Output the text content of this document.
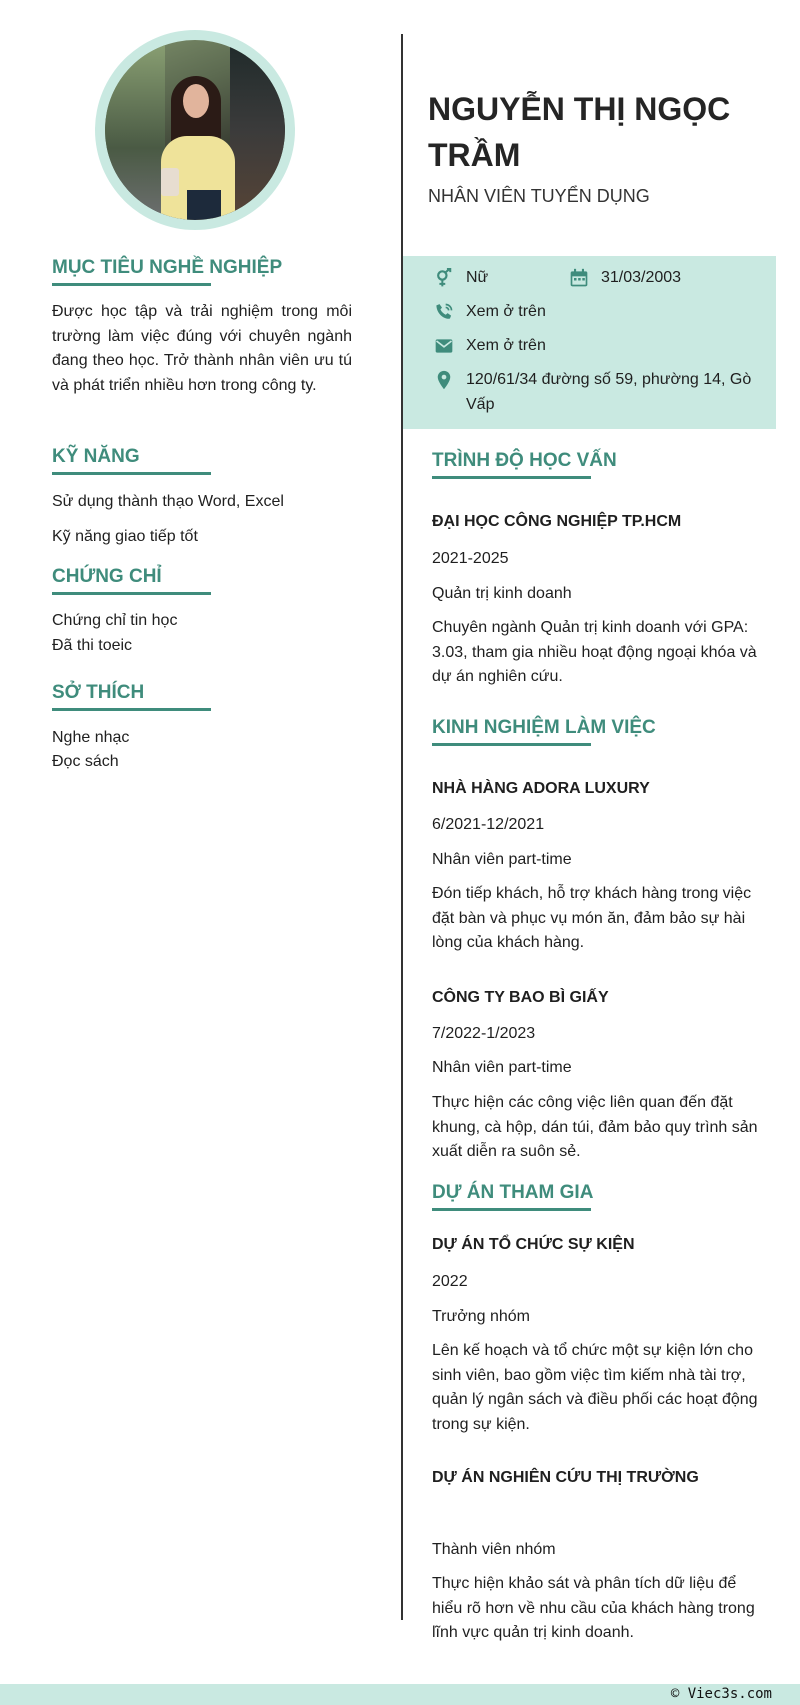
MỤC TIÊU NGHỀ NGHIỆP
Được học tập và trải nghiệm trong môi trường làm việc đúng với chuyên ngành đang theo học. Trở thành nhân viên ưu tú và phát triển nhiều hơn trong công ty.
KỸ NĂNG
Sử dụng thành thạo Word, Excel
Kỹ năng giao tiếp tốt
CHỨNG CHỈ
Chứng chỉ tin học
Đã thi toeic
SỞ THÍCH
Nghe nhạc
Đọc sách
NGUYỄN THỊ NGỌC TRẦM
NHÂN VIÊN TUYỂN DỤNG
Nữ	31/03/2003
Xem ở trên
Xem ở trên
120/61/34 đường số 59, phường 14, Gò Vấp
TRÌNH ĐỘ HỌC VẤN
ĐẠI HỌC CÔNG NGHIỆP TP.HCM
2021-2025
Quản trị kinh doanh
Chuyên ngành Quản trị kinh doanh với GPA: 3.03, tham gia nhiều hoạt động ngoại khóa và dự án nghiên cứu.
KINH NGHIỆM LÀM VIỆC
NHÀ HÀNG ADORA LUXURY
6/2021-12/2021
Nhân viên part-time
Đón tiếp khách, hỗ trợ khách hàng trong việc đặt bàn và phục vụ món ăn, đảm bảo sự hài lòng của khách hàng.
CÔNG TY BAO BÌ GIẤY
7/2022-1/2023
Nhân viên part-time
Thực hiện các công việc liên quan đến đặt khung, cà hộp, dán túi, đảm bảo quy trình sản xuất diễn ra suôn sẻ.
DỰ ÁN THAM GIA
DỰ ÁN TỔ CHỨC SỰ KIỆN
2022
Trưởng nhóm
Lên kế hoạch và tổ chức một sự kiện lớn cho sinh viên, bao gồm việc tìm kiếm nhà tài trợ, quản lý ngân sách và điều phối các hoạt động trong sự kiện.
DỰ ÁN NGHIÊN CỨU THỊ TRƯỜNG
Thành viên nhóm
Thực hiện khảo sát và phân tích dữ liệu để hiểu rõ hơn về nhu cầu của khách hàng trong lĩnh vực quản trị kinh doanh.
© Viec3s.com
